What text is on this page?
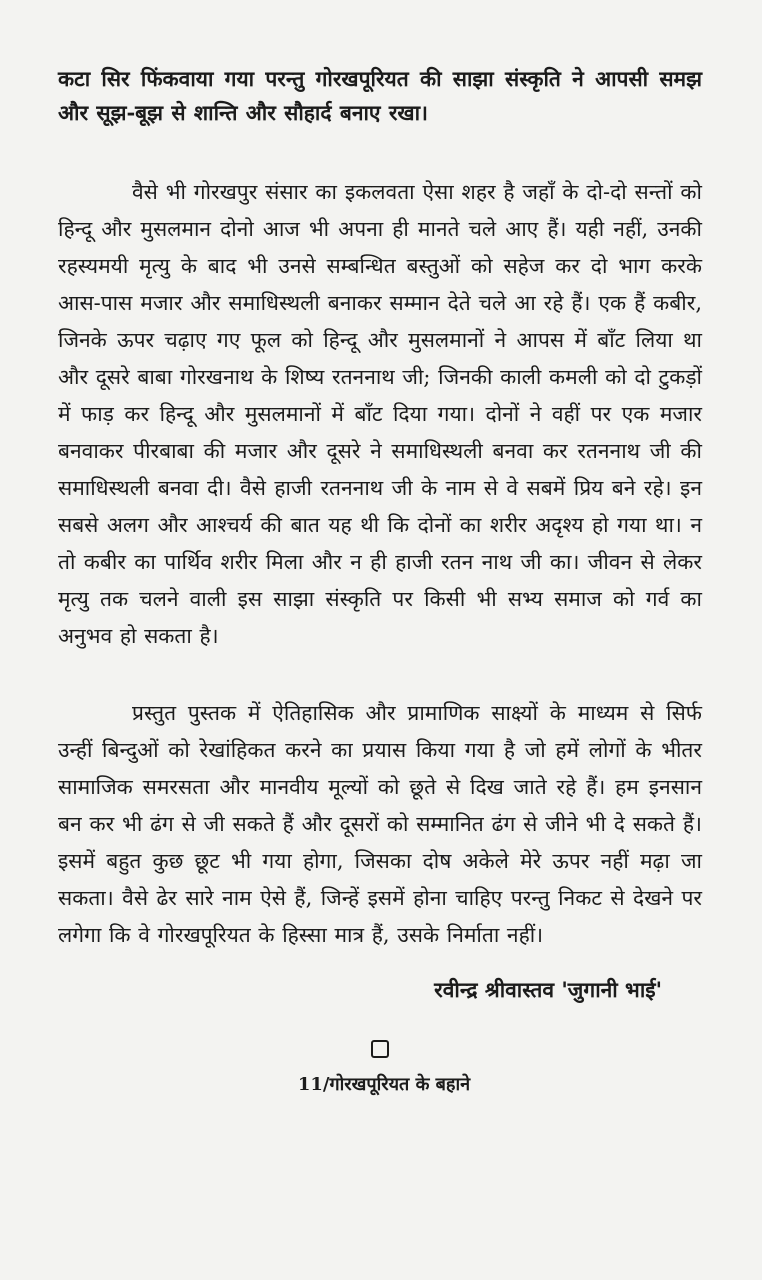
कटा सिर फिंकवाया गया परन्तु गोरखपूरियत की साझा संस्कृति ने आपसी समझ और सूझ-बूझ से शान्ति और सौहार्द बनाए रखा।

वैसे भी गोरखपुर संसार का इकलवता ऐसा शहर है जहाँ के दो-दो सन्तों को हिन्दू और मुसलमान दोनो आज भी अपना ही मानते चले आए हैं। यही नहीं, उनकी रहस्यमयी मृत्यु के बाद भी उनसे सम्बन्धित बस्तुओं को सहेज कर दो भाग करके आस-पास मजार और समाधिस्थली बनाकर सम्मान देते चले आ रहे हैं। एक हैं कबीर, जिनके ऊपर चढ़ाए गए फूल को हिन्दू और मुसलमानों ने आपस में बाँट लिया था और दूसरे बाबा गोरखनाथ के शिष्य रतननाथ जी; जिनकी काली कमली को दो टुकड़ों में फाड़ कर हिन्दू और मुसलमानों में बाँट दिया गया। दोनों ने वहीं पर एक मजार बनवाकर पीरबाबा की मजार और दूसरे ने समाधिस्थली बनवा कर रतननाथ जी की समाधिस्थली बनवा दी। वैसे हाजी रतननाथ जी के नाम से वे सबमें प्रिय बने रहे। इन सबसे अलग और आश्चर्य की बात यह थी कि दोनों का शरीर अदृश्य हो गया था। न तो कबीर का पार्थिव शरीर मिला और न ही हाजी रतन नाथ जी का। जीवन से लेकर मृत्यु तक चलने वाली इस साझा संस्कृति पर किसी भी सभ्य समाज को गर्व का अनुभव हो सकता है।

प्रस्तुत पुस्तक में ऐतिहासिक और प्रामाणिक साक्ष्यों के माध्यम से सिर्फ उन्हीं बिन्दुओं को रेखांहिकत करने का प्रयास किया गया है जो हमें लोगों के भीतर सामाजिक समरसता और मानवीय मूल्यों को छूते से दिख जाते रहे हैं। हम इनसान बन कर भी ढंग से जी सकते हैं और दूसरों को सम्मानित ढंग से जीने भी दे सकते हैं। इसमें बहुत कुछ छूट भी गया होगा, जिसका दोष अकेले मेरे ऊपर नहीं मढ़ा जा सकता। वैसे ढेर सारे नाम ऐसे हैं, जिन्हें इसमें होना चाहिए परन्तु निकट से देखने पर लगेगा कि वे गोरखपूरियत के हिस्सा मात्र हैं, उसके निर्माता नहीं।

रवीन्द्र श्रीवास्तव 'जुगानी भाई'

11/गोरखपूरियत के बहाने
